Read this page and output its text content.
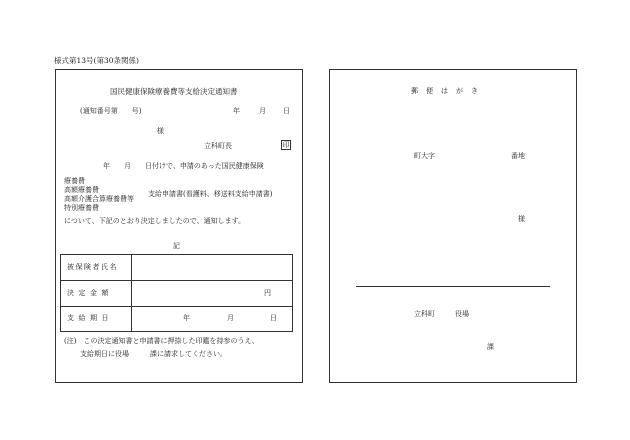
様式第13号(第30条関係)
国民健康保険療養費等支給決定通知書
(通知番号第　　号)	年	月 日
様
立科町長	印
年　　月　　日付けで、申請のあった国民健康保険
療養費
高額療養費
高額介護合算療養費等
特別療養費
支給申請書(看護料、移送料支給申請書)
について、下記のとおり決定しましたので、通知します。
記
被保険者氏名
決定金額	円
支給期日	年	月	日
(注)　この決定通知書と申請書に押捺した印鑑を持参のうえ、
支給期日に役場　　　課に請求してください。
郵便はがき
町大字	番地
様
立科町	役場
課
